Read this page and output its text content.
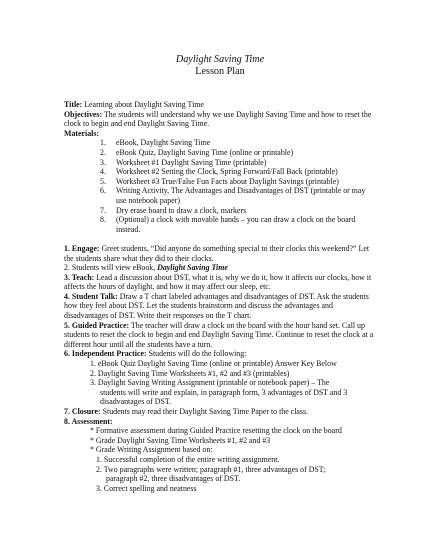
Daylight Saving Time
Lesson Plan

Title: Learning about Daylight Saving Time

Objectives: The students will understand why we use Daylight Saving Time and how to reset the clock to begin and end Daylight Saving Time.

Materials:

1.	eBook, Daylight Saving Time
2.	eBook Quiz, Daylight Saving Time (online or printable)
3.	Worksheet #1 Daylight Saving Time (printable)
4.	Worksheet #2 Setting the Clock, Spring Forward/Fall Back (printable)
5.	Worksheet #3 True/False Fun Facts about Daylight Savings (printable)
6.	Writing Activity, The Advantages and Disadvantages of DST (printable or may use notebook paper)
7.	Dry erase board to draw a clock, markers
8.	(Optional) a clock with movable hands – you can draw a clock on the board instead.

1. Engage: Greet students, “Did anyone do something special to their clocks this weekend?” Let the students share what they did to their clocks.

2. Students will view eBook, Daylight Saving Time

3. Teach: Lead a discussion about DST, what it is, why we do it, how it affects our clocks, how it affects the hours of daylight, and how it may affect our sleep, etc.

4. Student Talk: Draw a T chart labeled advantages and disadvantages of DST. Ask the students how they feel about DST. Let the students brainstorm and discuss the advantages and disadvantages of DST. Write their responses on the T chart.

5. Guided Practice: The teacher will draw a clock on the board with the hour hand set. Call up students to reset the clock to begin and end Daylight Saving Time. Continue to reset the clock at a different hour until all the students have a turn.

6. Independent Practice: Students will do the following:

1. eBook Quiz Daylight Saving Time (online or printable) Answer Key Below

2. Daylight Saving Time Worksheets #1, #2 and #3 (printables)

3. Daylight Saving Writing Assignment (printable or notebook paper) – The

students will write and explain, in paragraph form, 3 advantages of DST and 3 disadvantages of DST.

7. Closure: Students may read their Daylight Saving Time Paper to the class.

8. Assessment:

* Formative assessment during Guided Practice resetting the clock on the board

* Grade Daylight Saving Time Worksheets #1, #2 and #3

* Grade Writing Assignment based on:

1. Successful completion of the entire writing assignment.

2. Two paragraphs were written; paragraph #1, three advantages of DST;

paragraph #2, three disadvantages of DST.

3. Correct spelling and neatness
